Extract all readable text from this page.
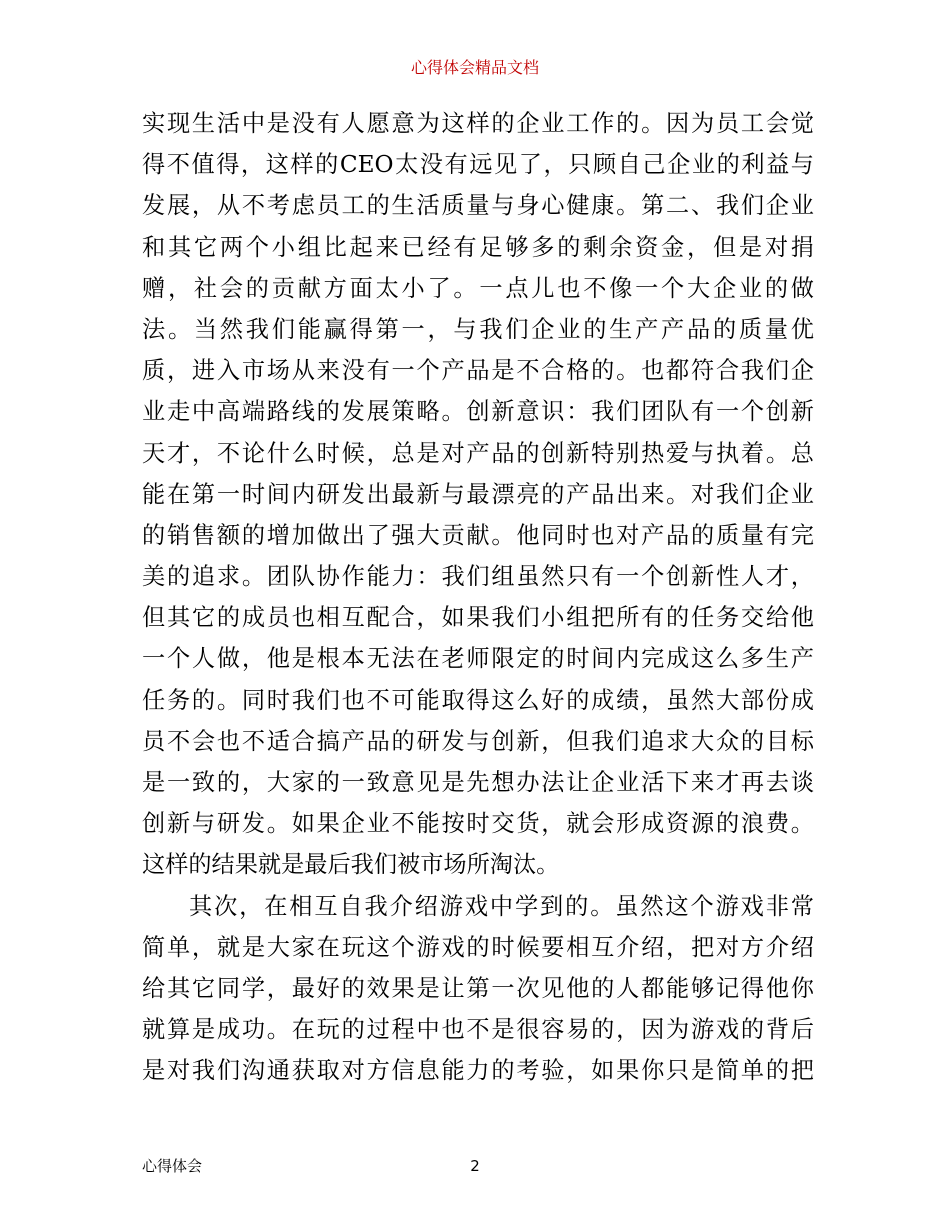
心得体会精品文档
实现生活中是没有人愿意为这样的企业工作的。因为员工会觉
得不值得，这样的CEO太没有远见了，只顾自己企业的利益与
发展，从不考虑员工的生活质量与身心健康。第二、我们企业
和其它两个小组比起来已经有足够多的剩余资金，但是对捐
赠，社会的贡献方面太小了。一点儿也不像一个大企业的做
法。当然我们能赢得第一，与我们企业的生产产品的质量优
质，进入市场从来没有一个产品是不合格的。也都符合我们企
业走中高端路线的发展策略。创新意识：我们团队有一个创新
天才，不论什么时候，总是对产品的创新特别热爱与执着。总
能在第一时间内研发出最新与最漂亮的产品出来。对我们企业
的销售额的增加做出了强大贡献。他同时也对产品的质量有完
美的追求。团队协作能力：我们组虽然只有一个创新性人才，
但其它的成员也相互配合，如果我们小组把所有的任务交给他
一个人做，他是根本无法在老师限定的时间内完成这么多生产
任务的。同时我们也不可能取得这么好的成绩，虽然大部份成
员不会也不适合搞产品的研发与创新，但我们追求大众的目标
是一致的，大家的一致意见是先想办法让企业活下来才再去谈
创新与研发。如果企业不能按时交货，就会形成资源的浪费。
这样的结果就是最后我们被市场所淘汰。
其次，在相互自我介绍游戏中学到的。虽然这个游戏非常
简单，就是大家在玩这个游戏的时候要相互介绍，把对方介绍
给其它同学，最好的效果是让第一次见他的人都能够记得他你
就算是成功。在玩的过程中也不是很容易的，因为游戏的背后
是对我们沟通获取对方信息能力的考验，如果你只是简单的把
心得体会	2
